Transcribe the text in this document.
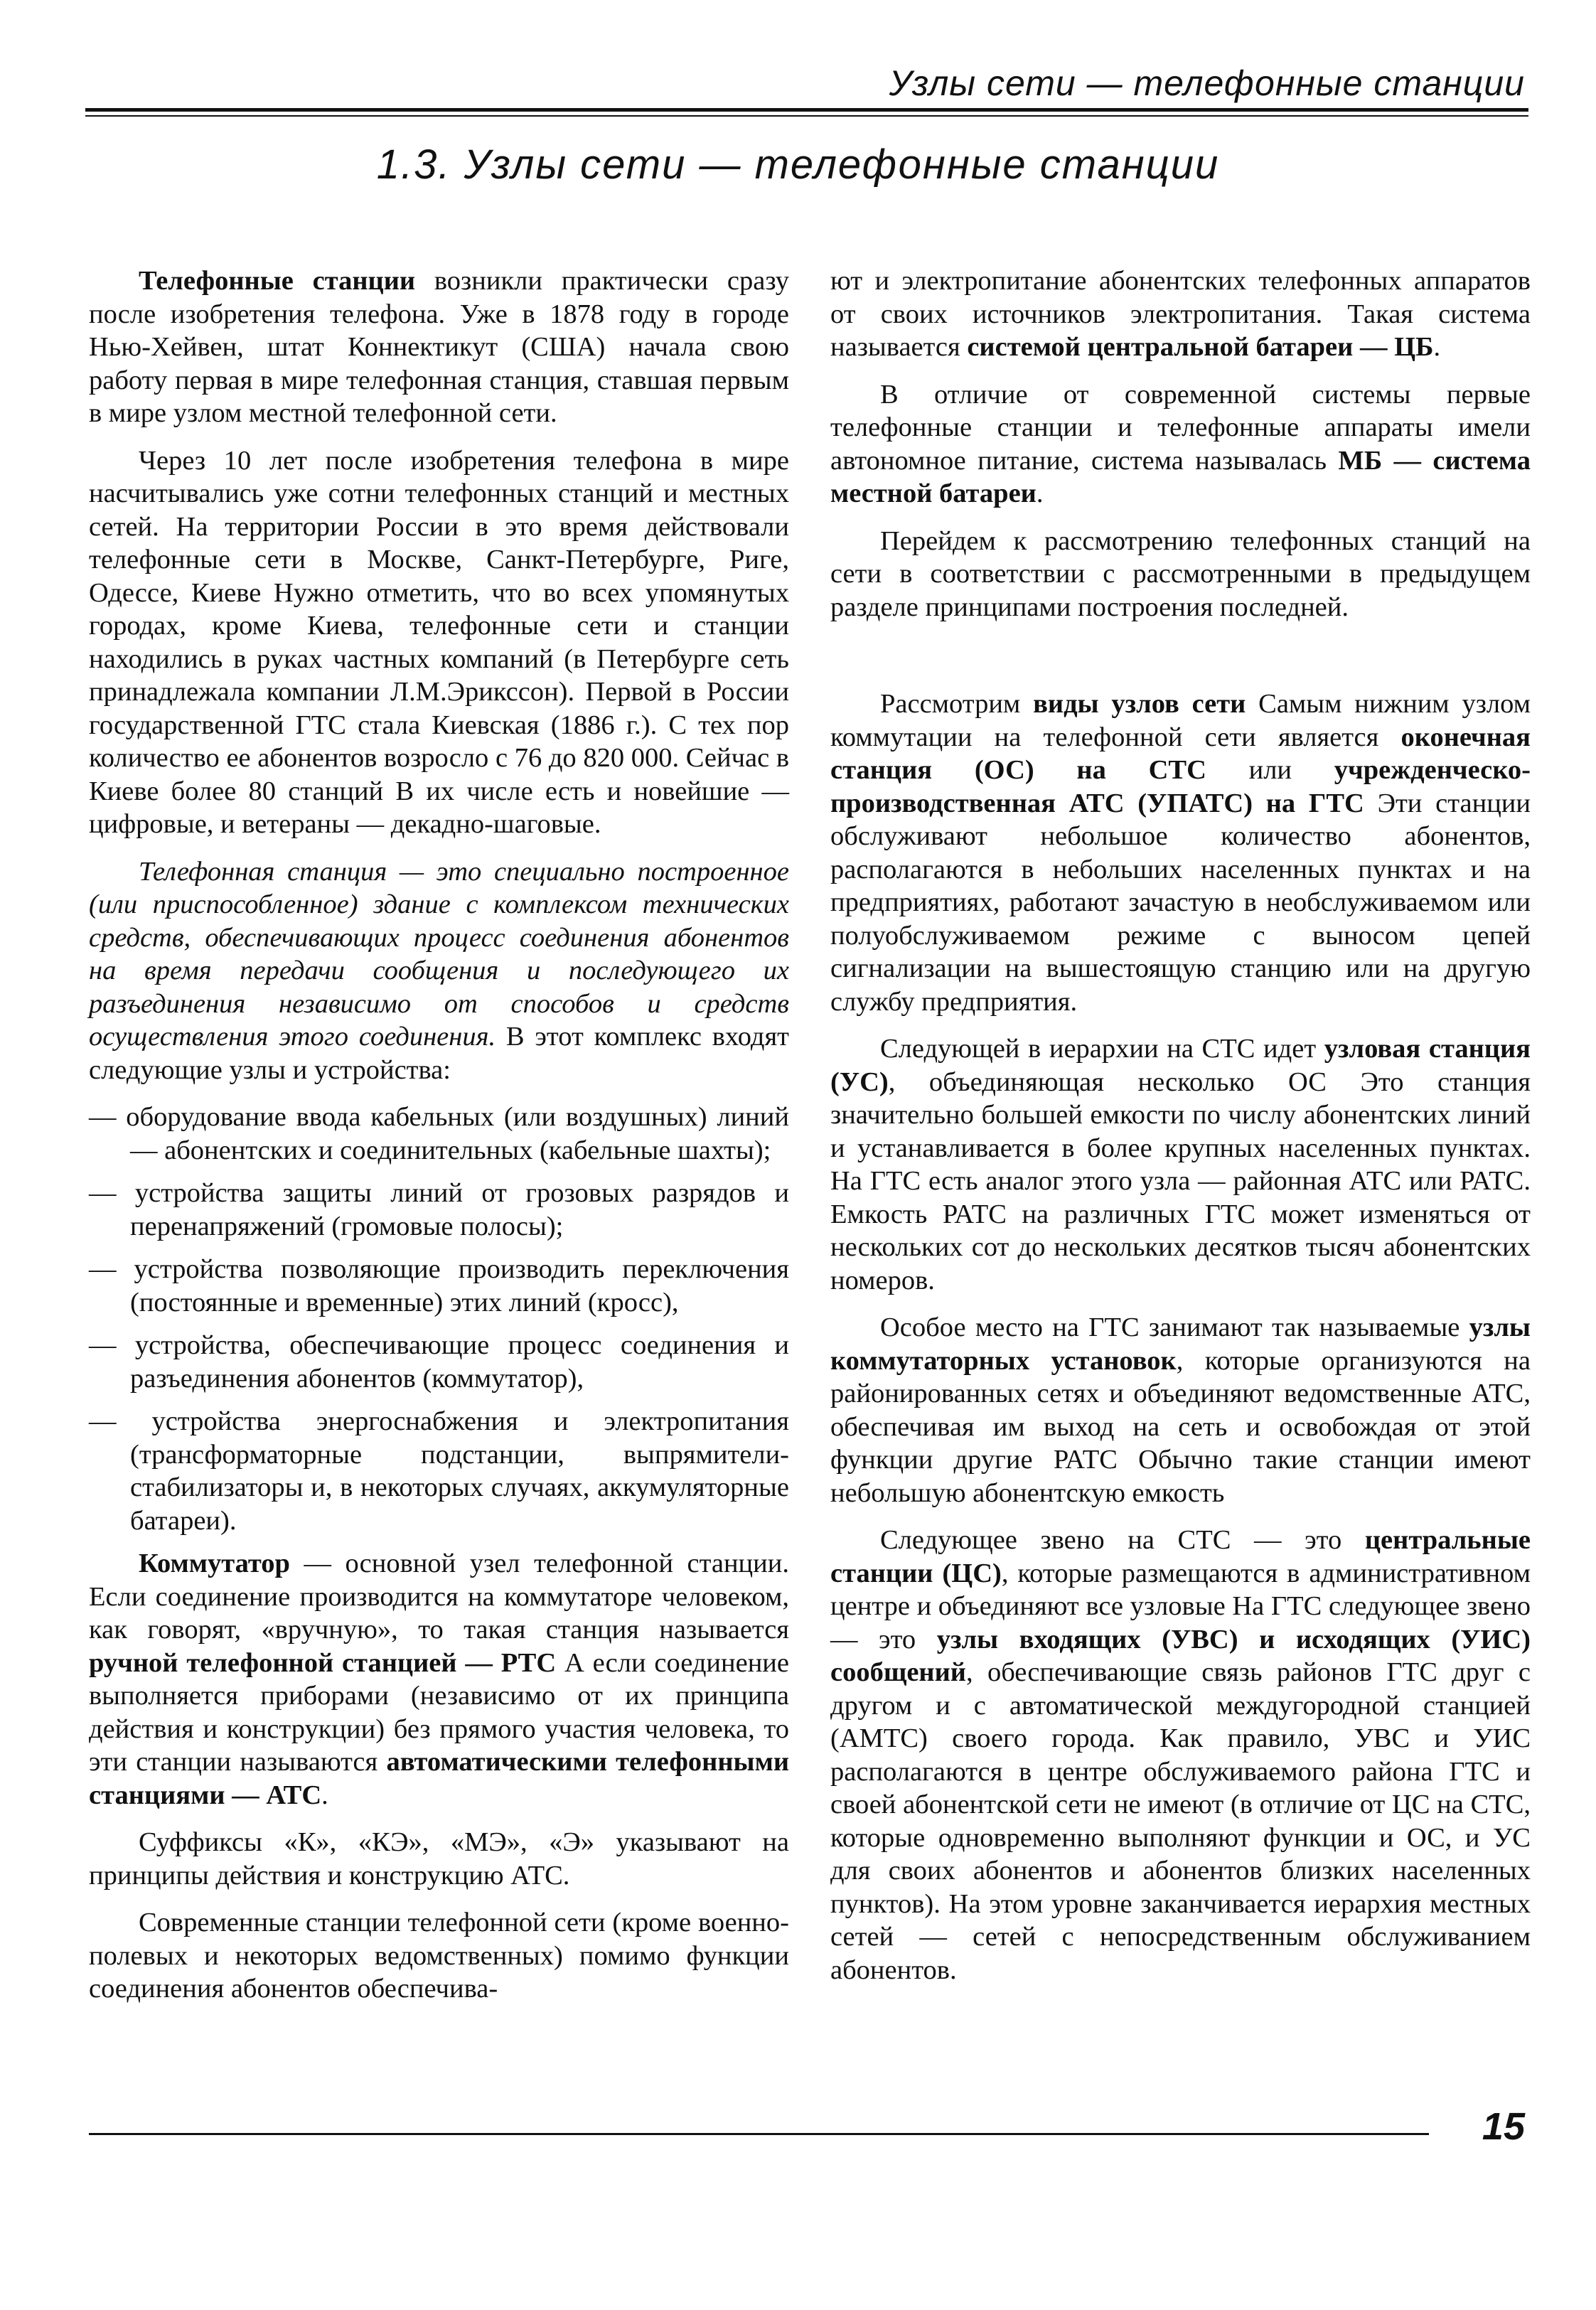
Узлы сети — телефонные станции
1.3. Узлы сети — телефонные станции

Телефонные станции возникли практически сразу после изобретения телефона. Уже в 1878 году в городе Нью-Хейвен, штат Коннектикут (США) начала свою работу первая в мире телефонная станция, ставшая первым в мире узлом местной телефонной сети.

Через 10 лет после изобретения телефона в мире насчитывались уже сотни телефонных станций и местных сетей. На территории России в это время действовали телефонные сети в Москве, Санкт-Петербурге, Риге, Одессе, Киеве Нужно отметить, что во всех упомянутых городах, кроме Киева, телефонные сети и станции находились в руках частных компаний (в Петербурге сеть принадлежала компании Л.М.Эрикссон). Первой в России государственной ГТС стала Киевская (1886 г.). С тех пор количество ее абонентов возросло с 76 до 820 000. Сейчас в Киеве более 80 станций В их числе есть и новейшие — цифровые, и ветераны — декадно-шаговые.

Телефонная станция — это специально построенное (или приспособленное) здание с комплексом технических средств, обеспечивающих процесс соединения абонентов на время передачи сообщения и последующего их разъединения независимо от способов и средств осуществления этого соединения. В этот комплекс входят следующие узлы и устройства:

— оборудование ввода кабельных (или воздушных) линий — абонентских и соединительных (кабельные шахты);

— устройства защиты линий от грозовых разрядов и перенапряжений (громовые полосы);

— устройства позволяющие производить переключения (постоянные и временные) этих линий (кросс),

— устройства, обеспечивающие процесс соединения и разъединения абонентов (коммутатор),

— устройства энергоснабжения и электропитания (трансформаторные подстанции, выпрямители-стабилизаторы и, в некоторых случаях, аккумуляторные батареи).

Коммутатор — основной узел телефонной станции. Если соединение производится на коммутаторе человеком, как говорят, «вручную», то такая станция называется ручной телефонной станцией — РТС А если соединение выполняется приборами (независимо от их принципа действия и конструкции) без прямого участия человека, то эти станции называются автоматическими телефонными станциями — АТС.

Суффиксы «К», «КЭ», «МЭ», «Э» указывают на принципы действия и конструкцию АТС.

Современные станции телефонной сети (кроме военно-полевых и некоторых ведомственных) помимо функции соединения абонентов обеспечива-

ют и электропитание абонентских телефонных аппаратов от своих источников электропитания. Такая система называется системой центральной батареи — ЦБ.

В отличие от современной системы первые телефонные станции и телефонные аппараты имели автономное питание, система называлась МБ — система местной батареи.

Перейдем к рассмотрению телефонных станций на сети в соответствии с рассмотренными в предыдущем разделе принципами построения последней.

Рассмотрим виды узлов сети Самым нижним узлом коммутации на телефонной сети является оконечная станция (ОС) на СТС или учрежденческо-производственная АТС (УПАТС) на ГТС Эти станции обслуживают небольшое количество абонентов, располагаются в небольших населенных пунктах и на предприятиях, работают зачастую в необслуживаемом или полуобслуживаемом режиме с выносом цепей сигнализации на вышестоящую станцию или на другую службу предприятия.

Следующей в иерархии на СТС идет узловая станция (УС), объединяющая несколько ОС Это станция значительно большей емкости по числу абонентских линий и устанавливается в более крупных населенных пунктах. На ГТС есть аналог этого узла — районная АТС или РАТС. Емкость РАТС на различных ГТС может изменяться от нескольких сот до нескольких десятков тысяч абонентских номеров.

Особое место на ГТС занимают так называемые узлы коммутаторных установок, которые организуются на районированных сетях и объединяют ведомственные АТС, обеспечивая им выход на сеть и освобождая от этой функции другие РАТС Обычно такие станции имеют небольшую абонентскую емкость

Следующее звено на СТС — это центральные станции (ЦС), которые размещаются в административном центре и объединяют все узловые На ГТС следующее звено — это узлы входящих (УВС) и исходящих (УИС) сообщений, обеспечивающие связь районов ГТС друг с другом и с автоматической междугородной станцией (АМТС) своего города. Как правило, УВС и УИС располагаются в центре обслуживаемого района ГТС и своей абонентской сети не имеют (в отличие от ЦС на СТС, которые одновременно выполняют функции и ОС, и УС для своих абонентов и абонентов близких населенных пунктов). На этом уровне заканчивается иерархия местных сетей — сетей с непосредственным обслуживанием абонентов.

15
